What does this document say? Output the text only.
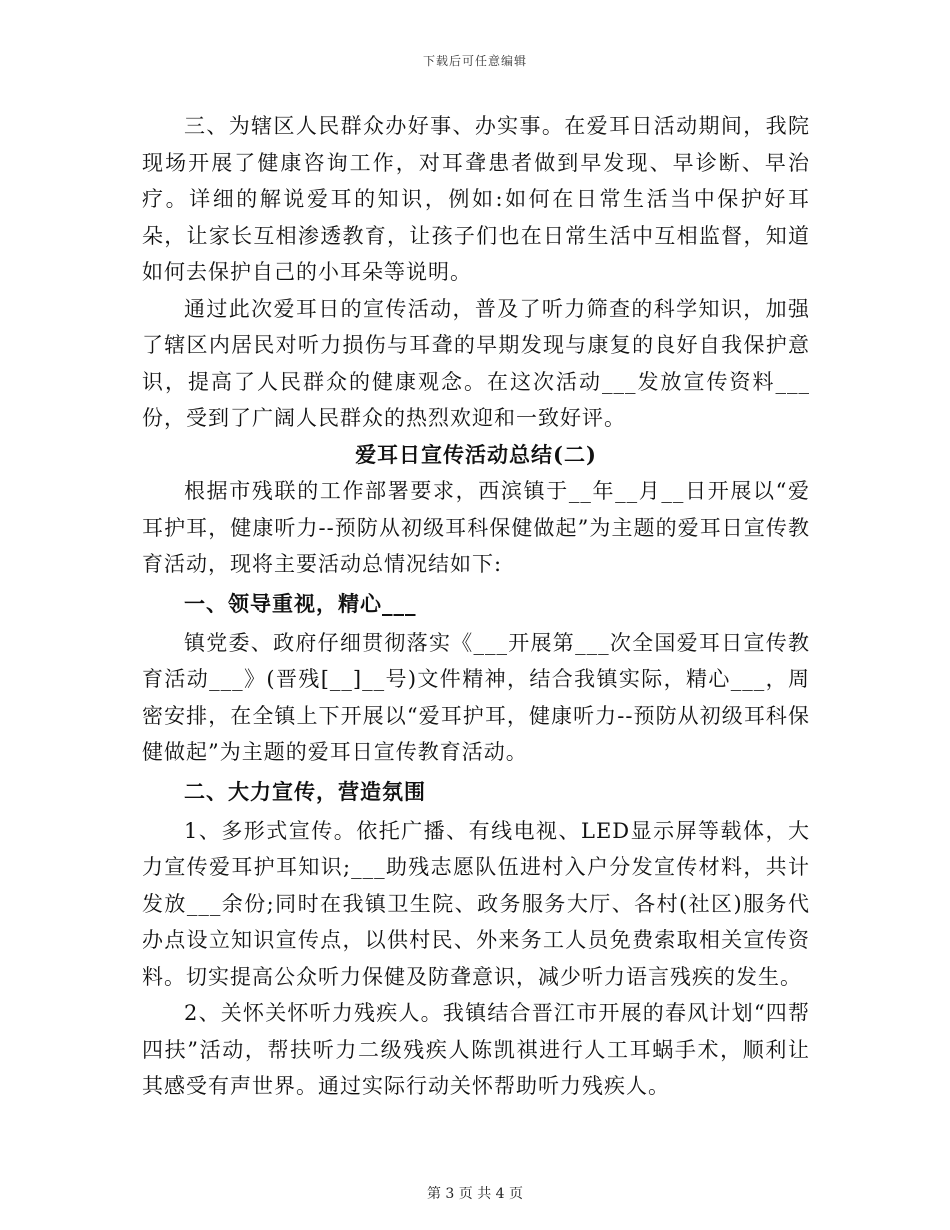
下载后可任意编辑

三、为辖区人民群众办好事、办实事。在爱耳日活动期间，我院现场开展了健康咨询工作，对耳聋患者做到早发现、早诊断、早治疗。详细的解说爱耳的知识，例如:如何在日常生活当中保护好耳朵，让家长互相渗透教育，让孩子们也在日常生活中互相监督，知道如何去保护自己的小耳朵等说明。

通过此次爱耳日的宣传活动，普及了听力筛查的科学知识，加强了辖区内居民对听力损伤与耳聋的早期发现与康复的良好自我保护意识，提高了人民群众的健康观念。在这次活动___发放宣传资料___份，受到了广阔人民群众的热烈欢迎和一致好评。

爱耳日宣传活动总结(二)

根据市残联的工作部署要求，西滨镇于__年__月__日开展以“爱耳护耳，健康听力--预防从初级耳科保健做起”为主题的爱耳日宣传教育活动，现将主要活动总情况结如下:

一、领导重视，精心___

镇党委、政府仔细贯彻落实《___开展第___次全国爱耳日宣传教育活动___》(晋残[__]__号)文件精神，结合我镇实际，精心___，周密安排，在全镇上下开展以“爱耳护耳，健康听力--预防从初级耳科保健做起”为主题的爱耳日宣传教育活动。

二、大力宣传，营造氛围

1、多形式宣传。依托广播、有线电视、LED显示屏等载体，大力宣传爱耳护耳知识;___助残志愿队伍进村入户分发宣传材料，共计发放___余份;同时在我镇卫生院、政务服务大厅、各村(社区)服务代办点设立知识宣传点，以供村民、外来务工人员免费索取相关宣传资料。切实提高公众听力保健及防聋意识，减少听力语言残疾的发生。

2、关怀关怀听力残疾人。我镇结合晋江市开展的春风计划“四帮四扶”活动，帮扶听力二级残疾人陈凯祺进行人工耳蜗手术，顺利让其感受有声世界。通过实际行动关怀帮助听力残疾人。

第 3 页 共 4 页
